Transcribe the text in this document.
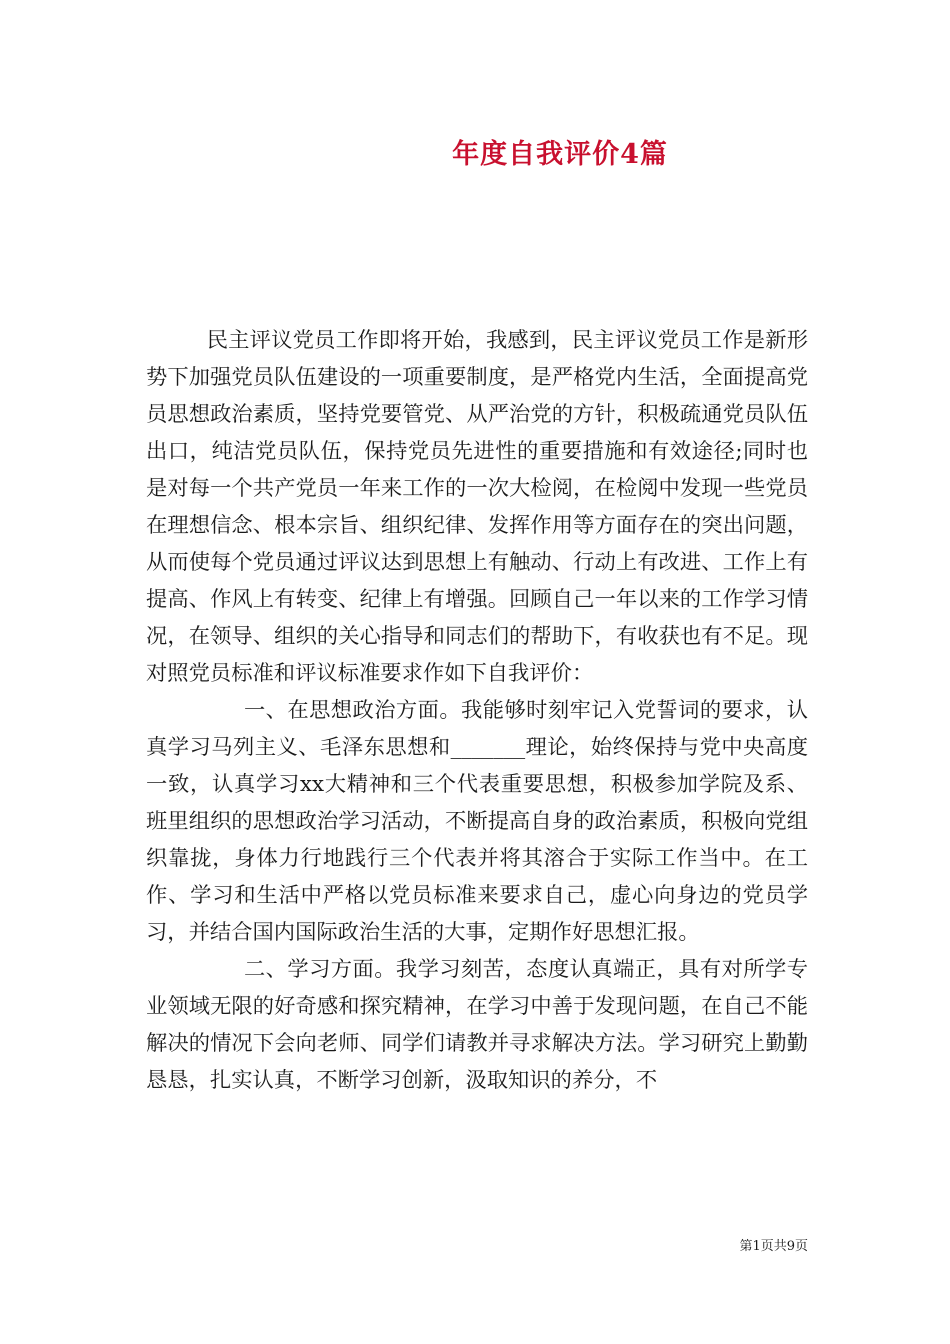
年度自我评价4篇

民主评议党员工作即将开始，我感到，民主评议党员工作是新形势下加强党员队伍建设的一项重要制度，是严格党内生活，全面提高党员思想政治素质，坚持党要管党、从严治党的方针，积极疏通党员队伍出口，纯洁党员队伍，保持党员先进性的重要措施和有效途径;同时也是对每一个共产党员一年来工作的一次大检阅，在检阅中发现一些党员在理想信念、根本宗旨、组织纪律、发挥作用等方面存在的突出问题，从而使每个党员通过评议达到思想上有触动、行动上有改进、工作上有提高、作风上有转变、纪律上有增强。回顾自己一年以来的工作学习情况，在领导、组织的关心指导和同志们的帮助下，有收获也有不足。现对照党员标准和评议标准要求作如下自我评价：

一、在思想政治方面。我能够时刻牢记入党誓词的要求，认真学习马列主义、毛泽东思想和_______理论，始终保持与党中央高度一致，认真学习xx大精神和三个代表重要思想，积极参加学院及系、班里组织的思想政治学习活动，不断提高自身的政治素质，积极向党组织靠拢，身体力行地践行三个代表并将其溶合于实际工作当中。在工作、学习和生活中严格以党员标准来要求自己，虚心向身边的党员学习，并结合国内国际政治生活的大事，定期作好思想汇报。

二、学习方面。我学习刻苦，态度认真端正，具有对所学专业领域无限的好奇感和探究精神，在学习中善于发现问题，在自己不能解决的情况下会向老师、同学们请教并寻求解决方法。学习研究上勤勤恳恳，扎实认真，不断学习创新，汲取知识的养分，不

第1页共9页
